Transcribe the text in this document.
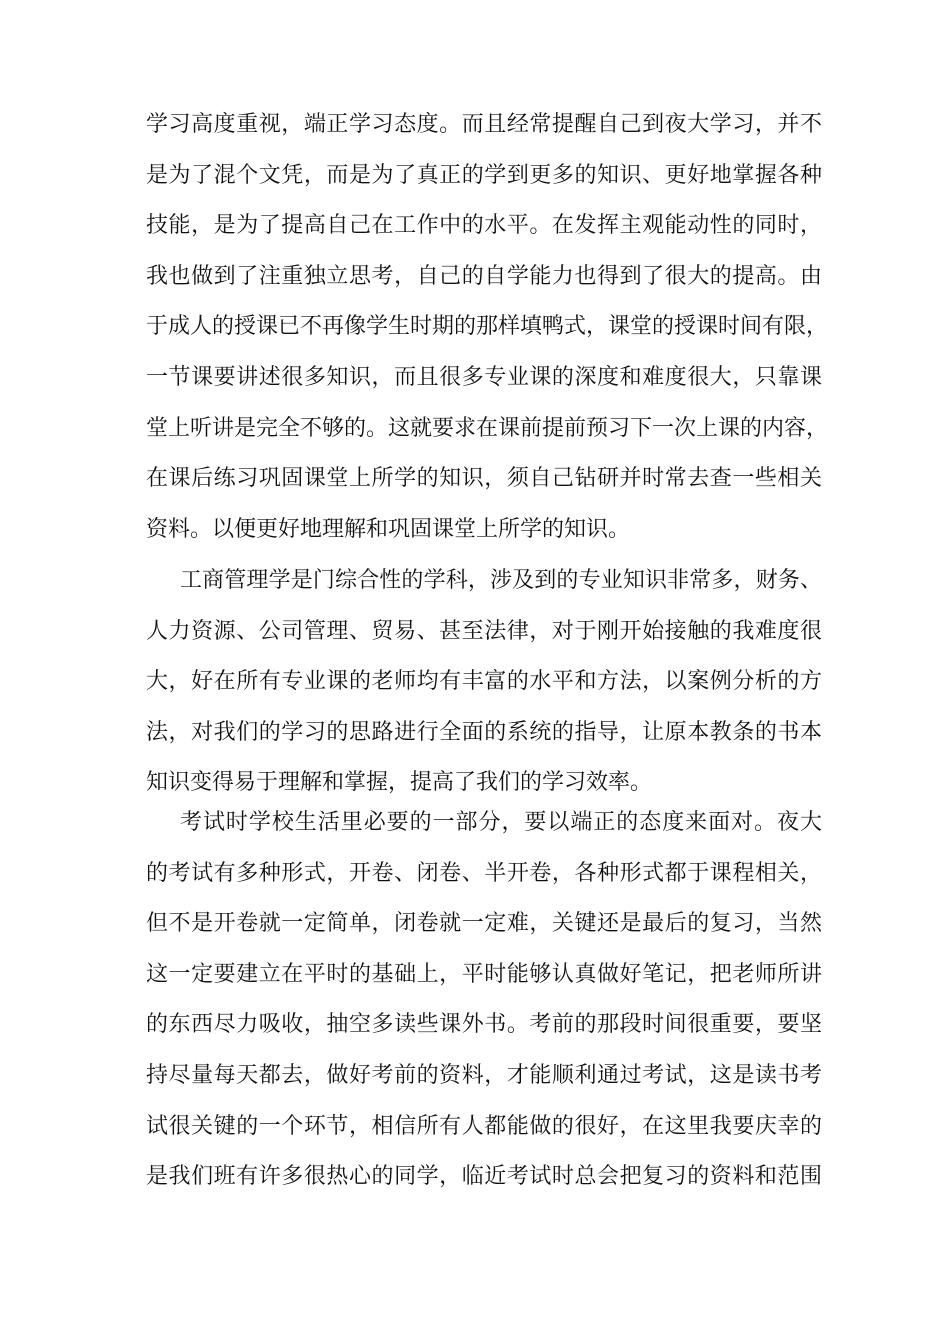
学习高度重视，端正学习态度。而且经常提醒自己到夜大学习，并不
是为了混个文凭，而是为了真正的学到更多的知识、更好地掌握各种
技能，是为了提高自己在工作中的水平。在发挥主观能动性的同时，
我也做到了注重独立思考，自己的自学能力也得到了很大的提高。由
于成人的授课已不再像学生时期的那样填鸭式，课堂的授课时间有限，
一节课要讲述很多知识，而且很多专业课的深度和难度很大，只靠课
堂上听讲是完全不够的。这就要求在课前提前预习下一次上课的内容，
在课后练习巩固课堂上所学的知识，须自己钻研并时常去查一些相关
资料。以便更好地理解和巩固课堂上所学的知识。
工商管理学是门综合性的学科，涉及到的专业知识非常多，财务、
人力资源、公司管理、贸易、甚至法律，对于刚开始接触的我难度很
大，好在所有专业课的老师均有丰富的水平和方法，以案例分析的方
法，对我们的学习的思路进行全面的系统的指导，让原本教条的书本
知识变得易于理解和掌握，提高了我们的学习效率。
考试时学校生活里必要的一部分，要以端正的态度来面对。夜大
的考试有多种形式，开卷、闭卷、半开卷，各种形式都于课程相关，
但不是开卷就一定简单，闭卷就一定难，关键还是最后的复习，当然
这一定要建立在平时的基础上，平时能够认真做好笔记，把老师所讲
的东西尽力吸收，抽空多读些课外书。考前的那段时间很重要，要坚
持尽量每天都去，做好考前的资料，才能顺利通过考试，这是读书考
试很关键的一个环节，相信所有人都能做的很好，在这里我要庆幸的
是我们班有许多很热心的同学，临近考试时总会把复习的资料和范围
